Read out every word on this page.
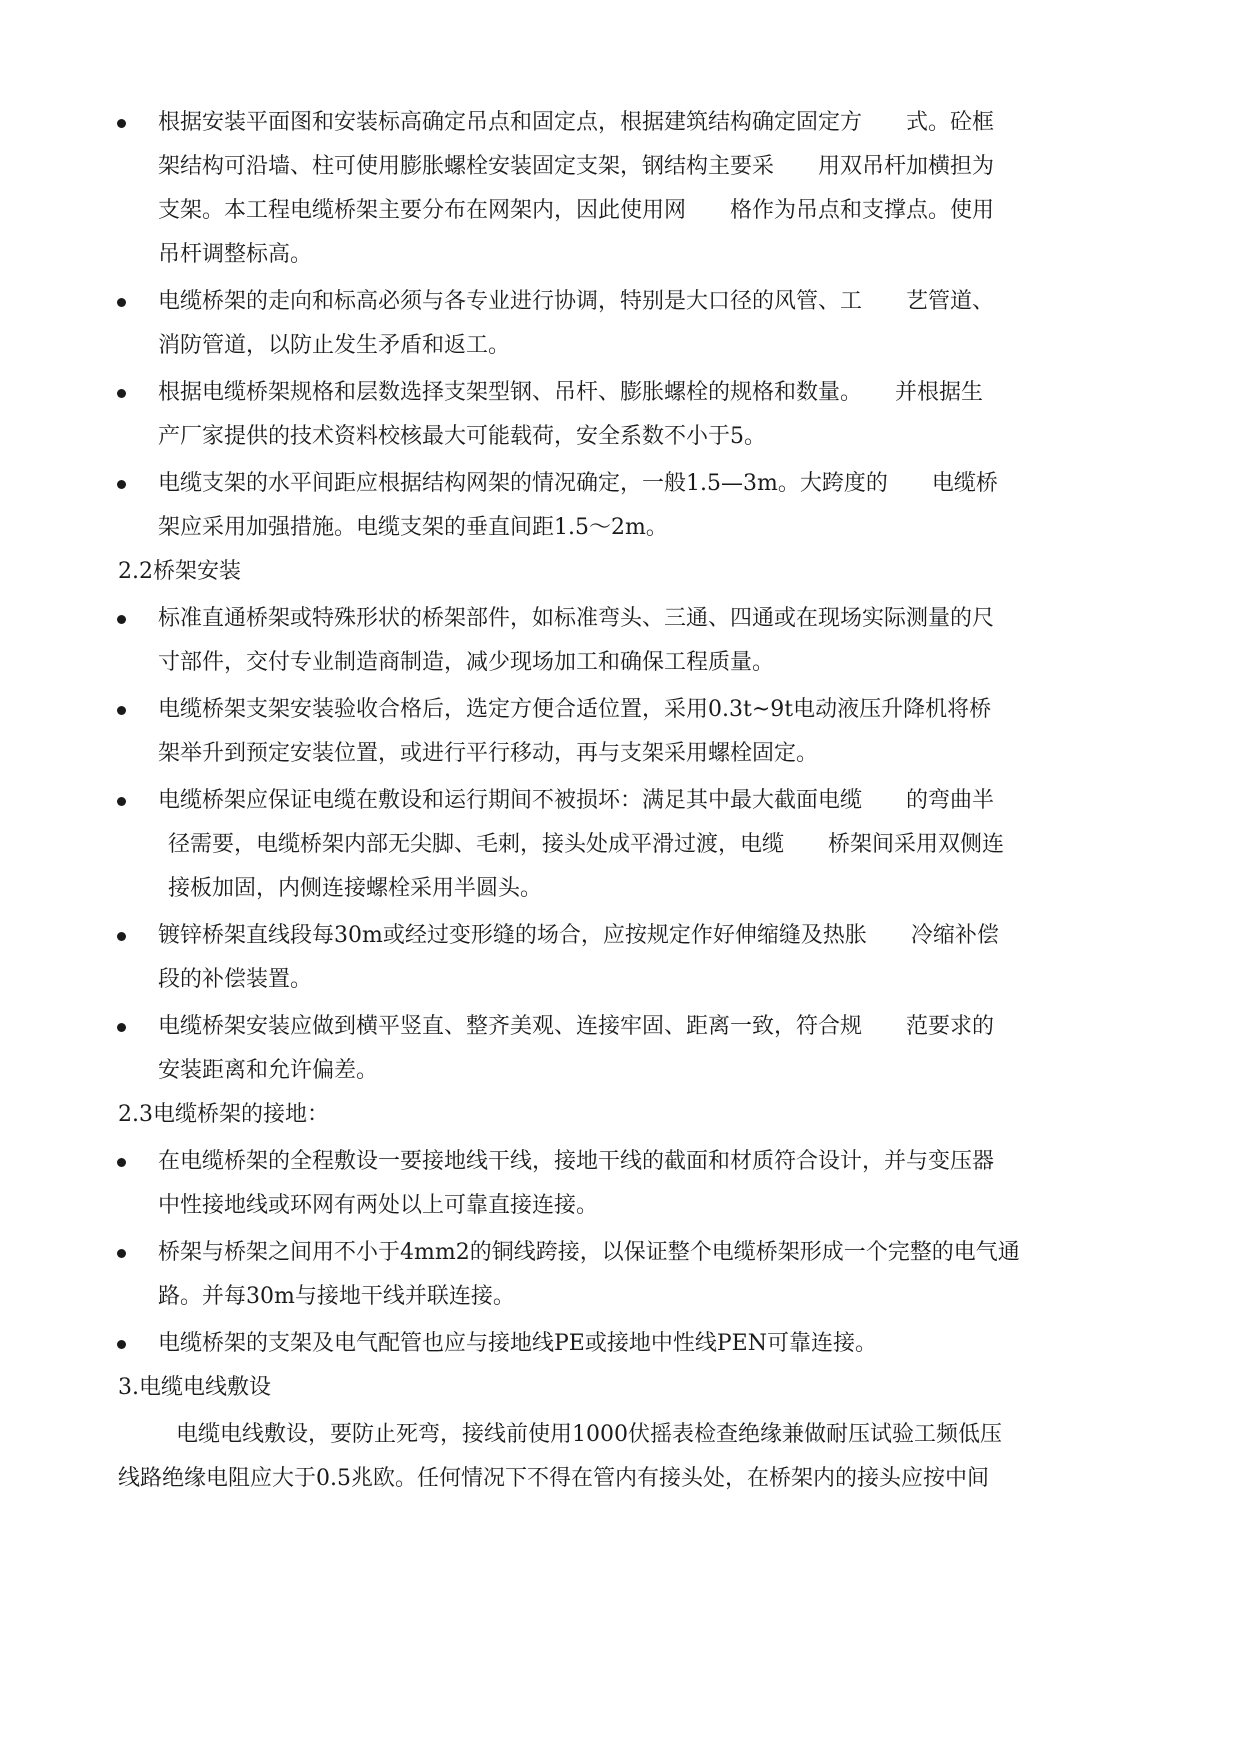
根据安装平面图和安装标高确定吊点和固定点，根据建筑结构确定固定方　　式。砼框
架结构可沿墙、柱可使用膨胀螺栓安装固定支架，钢结构主要采　　用双吊杆加横担为
支架。本工程电缆桥架主要分布在网架内，因此使用网　　格作为吊点和支撑点。使用
吊杆调整标高。
电缆桥架的走向和标高必须与各专业进行协调，特别是大口径的风管、工　　艺管道、
消防管道，以防止发生矛盾和返工。
根据电缆桥架规格和层数选择支架型钢、吊杆、膨胀螺栓的规格和数量。　　并根据生
产厂家提供的技术资料校核最大可能载荷，安全系数不小于5。
电缆支架的水平间距应根据结构网架的情况确定，一般1.5—3m。大跨度的　　电缆桥
架应采用加强措施。电缆支架的垂直间距1.5～2m。
2.2桥架安装
标准直通桥架或特殊形状的桥架部件，如标准弯头、三通、四通或在现场实际测量的尺
寸部件，交付专业制造商制造，减少现场加工和确保工程质量。
电缆桥架支架安装验收合格后，选定方便合适位置，采用0.3t~9t电动液压升降机将桥
架举升到预定安装位置，或进行平行移动，再与支架采用螺栓固定。
电缆桥架应保证电缆在敷设和运行期间不被损坏：满足其中最大截面电缆　　的弯曲半
径需要，电缆桥架内部无尖脚、毛刺，接头处成平滑过渡，电缆　　桥架间采用双侧连
接板加固，内侧连接螺栓采用半圆头。
镀锌桥架直线段每30m或经过变形缝的场合，应按规定作好伸缩缝及热胀　　冷缩补偿
段的补偿装置。
电缆桥架安装应做到横平竖直、整齐美观、连接牢固、距离一致，符合规　　范要求的
安装距离和允许偏差。
2.3电缆桥架的接地：
在电缆桥架的全程敷设一要接地线干线，接地干线的截面和材质符合设计，并与变压器
中性接地线或环网有两处以上可靠直接连接。
桥架与桥架之间用不小于4mm2的铜线跨接，以保证整个电缆桥架形成一个完整的电气通
路。并每30m与接地干线并联连接。
电缆桥架的支架及电气配管也应与接地线PE或接地中性线PEN可靠连接。
3.电缆电线敷设
电缆电线敷设，要防止死弯，接线前使用1000伏摇表检查绝缘兼做耐压试验工频低压
线路绝缘电阻应大于0.5兆欧。任何情况下不得在管内有接头处，在桥架内的接头应按中间
